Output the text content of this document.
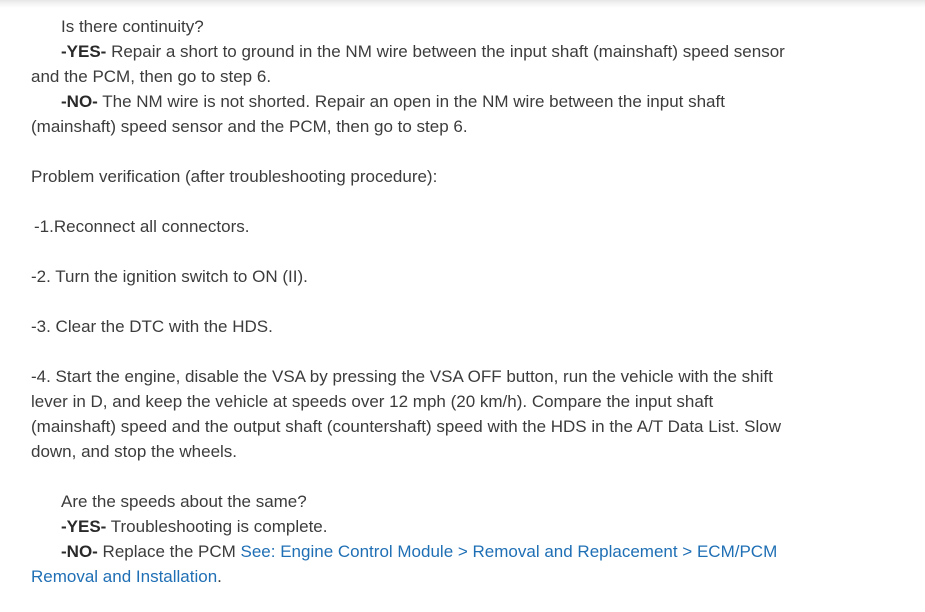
Is there continuity?
-YES- Repair a short to ground in the NM wire between the input shaft (mainshaft) speed sensor
and the PCM, then go to step 6.
-NO- The NM wire is not shorted. Repair an open in the NM wire between the input shaft
(mainshaft) speed sensor and the PCM, then go to step 6.
Problem verification (after troubleshooting procedure):
-1.Reconnect all connectors.
-2. Turn the ignition switch to ON (II).
-3. Clear the DTC with the HDS.
-4. Start the engine, disable the VSA by pressing the VSA OFF button, run the vehicle with the shift
lever in D, and keep the vehicle at speeds over 12 mph (20 km/h). Compare the input shaft
(mainshaft) speed and the output shaft (countershaft) speed with the HDS in the A/T Data List. Slow
down, and stop the wheels.
Are the speeds about the same?
-YES- Troubleshooting is complete.
-NO- Replace the PCM See: Engine Control Module > Removal and Replacement > ECM/PCM
Removal and Installation.
